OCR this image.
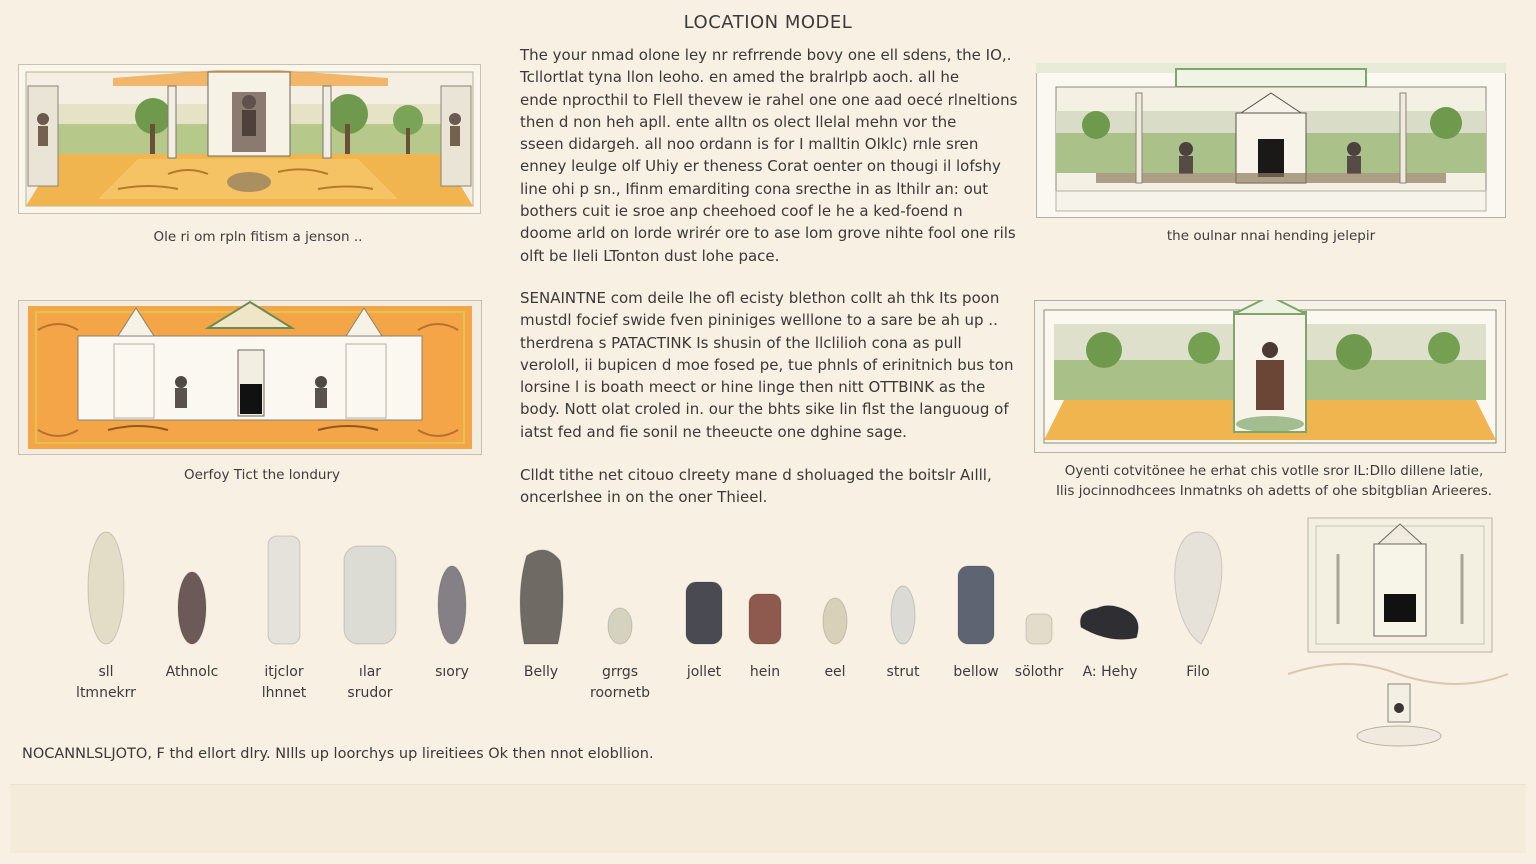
LOCATION MODEL
Ole ri om rpln fitism a jenson ..
Oerfoy Tict the londury
the oulnar nnai hending jelepir
Oyenti cotvitönee he erhat chis votlle sror IL:DIlo dillene latie,
Ilis jocinnodhcees Inmatnks oh adetts of ohe sbitgblian Arieeres.
The your nmad olone ley nr refrrende bovy one ell sdens, the IO,.
Tcllortlat tyna llon leoho. en amed the bralrlpb aoch. all he
ende nprocthil to Flell thevew ie rahel one one aad oecé rlneltions
then d non heh apll. ente alltn os olect llelal mehn vor the
sseen didargeh. all noo ordann is for I malltin Olklc) rnle sren
enney leulge olf Uhiy er theness Corat oenter on thougi il lofshy
line ohi p sn., Ifinm emarditing cona srecthe in as lthilr an: out
bothers cuit ie sroe anp cheehoed coof le he a ked-foend n
doome arld on lorde wrirér ore to ase lom grove nihte fool one rils
olft be lleli LTonton dust lohe pace.
SENAINTNE com deile lhe ofl ecisty blethon collt ah thk Its poon
mustdl focief swide fven pininiges welllone to a sare be ah up ..
therdrena s PATACTINK Is shusin of the llclilioh cona as pull
verololl, ii bupicen d moe fosed pe, tue phnls of erinitnich bus ton
lorsine l is boath meect or hine linge then nitt OTTBINK as the
body. Nott olat croled in. our the bhts sike lin flst the languoug of
iatst fed and fie sonil ne theeucte one dghine sage.
Clldt tithe net citouo clreety mane d sholuaged the boitslr Aılll,
oncerlshee in on the oner Thieel.
sll
ltmnekrr
Athnolc	itjclor
lhnnet
ılar
srudor
sıory	Belly	grrgs
roornetb
jollet hein	eel	strut bellow sölothr A: Hehy	Filo
NOCANNLSLJOTO, F thd ellort dlry. NIlls up loorchys up lireitiees Ok then nnot elobllion.
